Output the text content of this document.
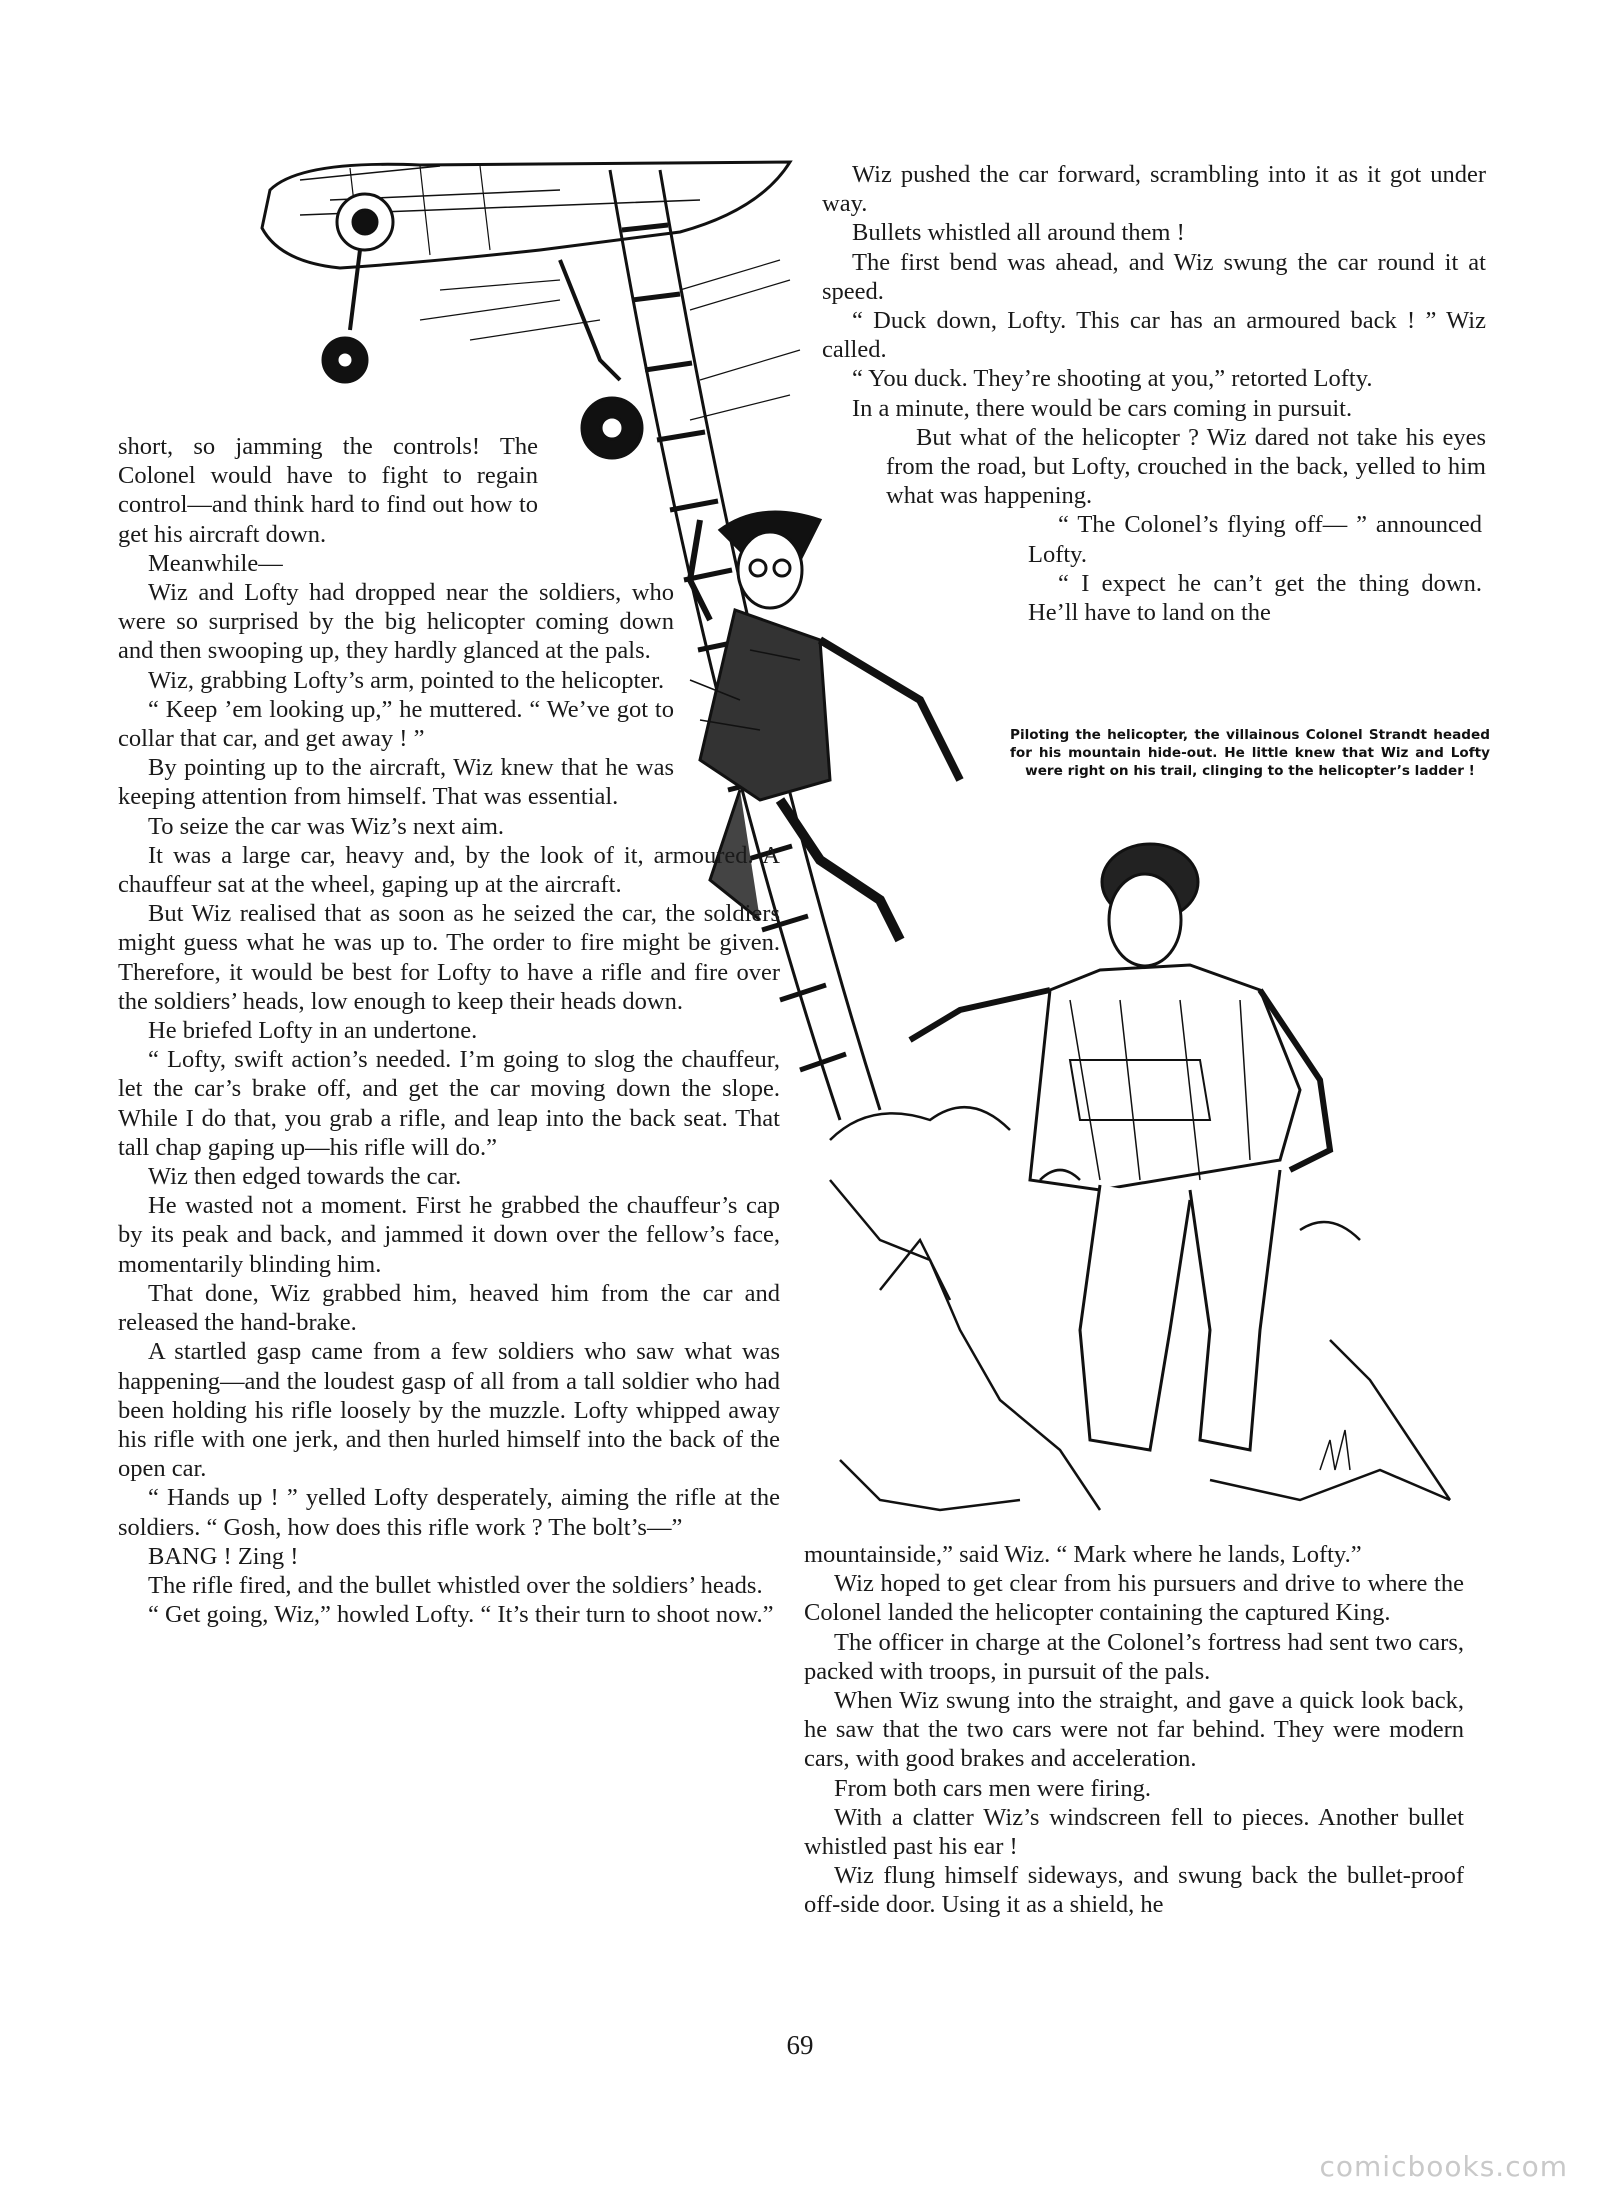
short, so jamming the controls! The Colonel would have to fight to regain control—and think hard to find out how to get his aircraft down.

Meanwhile—

Wiz and Lofty had dropped near the soldiers, who were so surprised by the big helicopter coming down and then swooping up, they hardly glanced at the pals.

Wiz, grabbing Lofty’s arm, pointed to the helicopter.

“ Keep ’em looking up,” he muttered. “ We’ve got to collar that car, and get away ! ”

By pointing up to the aircraft, Wiz knew that he was keeping attention from himself. That was essential.

To seize the car was Wiz’s next aim.

It was a large car, heavy and, by the look of it, armoured. A chauffeur sat at the wheel, gaping up at the aircraft.

But Wiz realised that as soon as he seized the car, the soldiers might guess what he was up to. The order to fire might be given. Therefore, it would be best for Lofty to have a rifle and fire over the soldiers’ heads, low enough to keep their heads down.

He briefed Lofty in an undertone.

“ Lofty, swift action’s needed. I’m going to slog the chauffeur, let the car’s brake off, and get the car moving down the slope. While I do that, you grab a rifle, and leap into the back seat. That tall chap gaping up—his rifle will do.”

Wiz then edged towards the car.

He wasted not a moment. First he grabbed the chauffeur’s cap by its peak and back, and jammed it down over the fellow’s face, momentarily blinding him.

That done, Wiz grabbed him, heaved him from the car and released the hand-brake.

A startled gasp came from a few soldiers who saw what was happening—and the loudest gasp of all from a tall soldier who had been holding his rifle loosely by the muzzle. Lofty whipped away his rifle with one jerk, and then hurled himself into the back of the open car.

“ Hands up ! ” yelled Lofty desperately, aiming the rifle at the soldiers. “ Gosh, how does this rifle work ? The bolt’s—”

BANG ! Zing !

The rifle fired, and the bullet whistled over the soldiers’ heads.

“ Get going, Wiz,” howled Lofty. “ It’s their turn to shoot now.”

Wiz pushed the car forward, scrambling into it as it got under way.

Bullets whistled all around them !

The first bend was ahead, and Wiz swung the car round it at speed.

“ Duck down, Lofty. This car has an armoured back ! ” Wiz called.

“ You duck. They’re shooting at you,” retorted Lofty.

In a minute, there would be cars coming in pursuit.

But what of the helicopter ? Wiz dared not take his eyes from the road, but Lofty, crouched in the back, yelled to him what was happening.

“ The Colonel’s flying off— ” announced Lofty.

“ I expect he can’t get the thing down. He’ll have to land on the

Piloting the helicopter, the villainous Colonel Strandt headed for his mountain hide-out. He little knew that Wiz and Lofty were right on his trail, clinging to the helicopter’s ladder !

mountainside,” said Wiz. “ Mark where he lands, Lofty.”

Wiz hoped to get clear from his pursuers and drive to where the Colonel landed the helicopter containing the captured King.

The officer in charge at the Colonel’s fortress had sent two cars, packed with troops, in pursuit of the pals.

When Wiz swung into the straight, and gave a quick look back, he saw that the two cars were not far behind. They were modern cars, with good brakes and acceleration.

From both cars men were firing.

With a clatter Wiz’s windscreen fell to pieces. Another bullet whistled past his ear !

Wiz flung himself sideways, and swung back the bullet-proof off-side door. Using it as a shield, he

69
comicbooks.com
